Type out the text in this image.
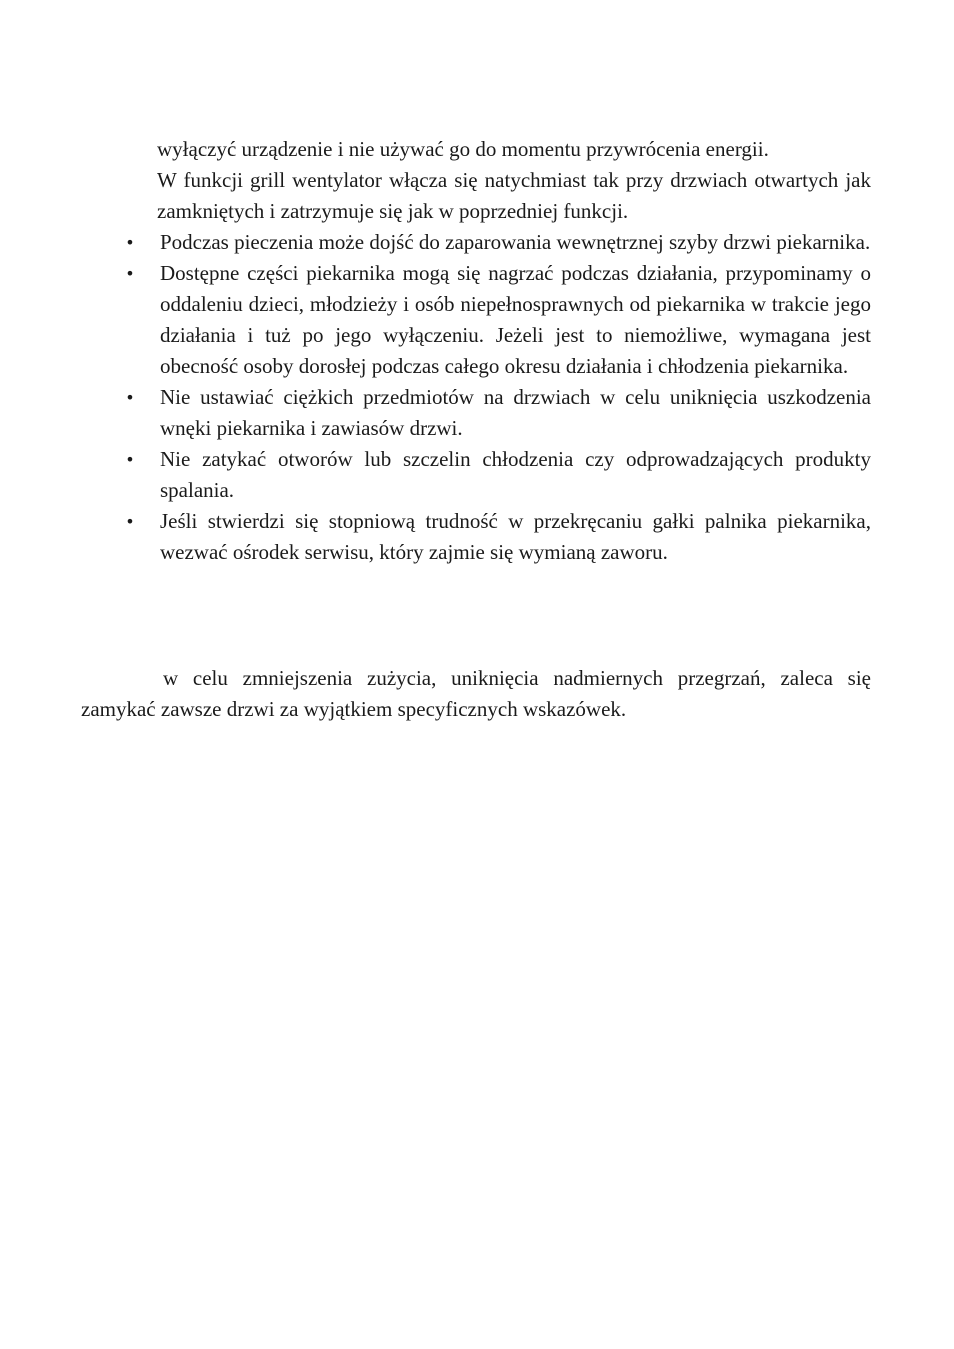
wyłączyć urządzenie i nie używać go do momentu przywrócenia energii.

W funkcji grill wentylator włącza się natychmiast tak przy drzwiach otwartych jak zamkniętych i zatrzymuje się jak w poprzedniej funkcji.

• Podczas pieczenia może dojść do zaparowania wewnętrznej szyby drzwi piekarnika.
• Dostępne części piekarnika mogą się nagrzać podczas działania, przypominamy o oddaleniu dzieci, młodzieży i osób niepełnosprawnych od piekarnika w trakcie jego działania i tuż po jego wyłączeniu. Jeżeli jest to niemożliwe, wymagana jest obecność osoby dorosłej podczas całego okresu działania i chłodzenia piekarnika.
• Nie ustawiać ciężkich przedmiotów na drzwiach w celu uniknięcia uszkodzenia wnęki piekarnika i zawiasów drzwi.
• Nie zatykać otworów lub szczelin chłodzenia czy odprowadzających produkty spalania.
• Jeśli stwierdzi się stopniową trudność w przekręcaniu gałki palnika piekarnika, wezwać ośrodek serwisu, który zajmie się wymianą zaworu.

w celu zmniejszenia zużycia, uniknięcia nadmiernych przegrzań, zaleca się zamykać zawsze drzwi za wyjątkiem specyficznych wskazówek.
